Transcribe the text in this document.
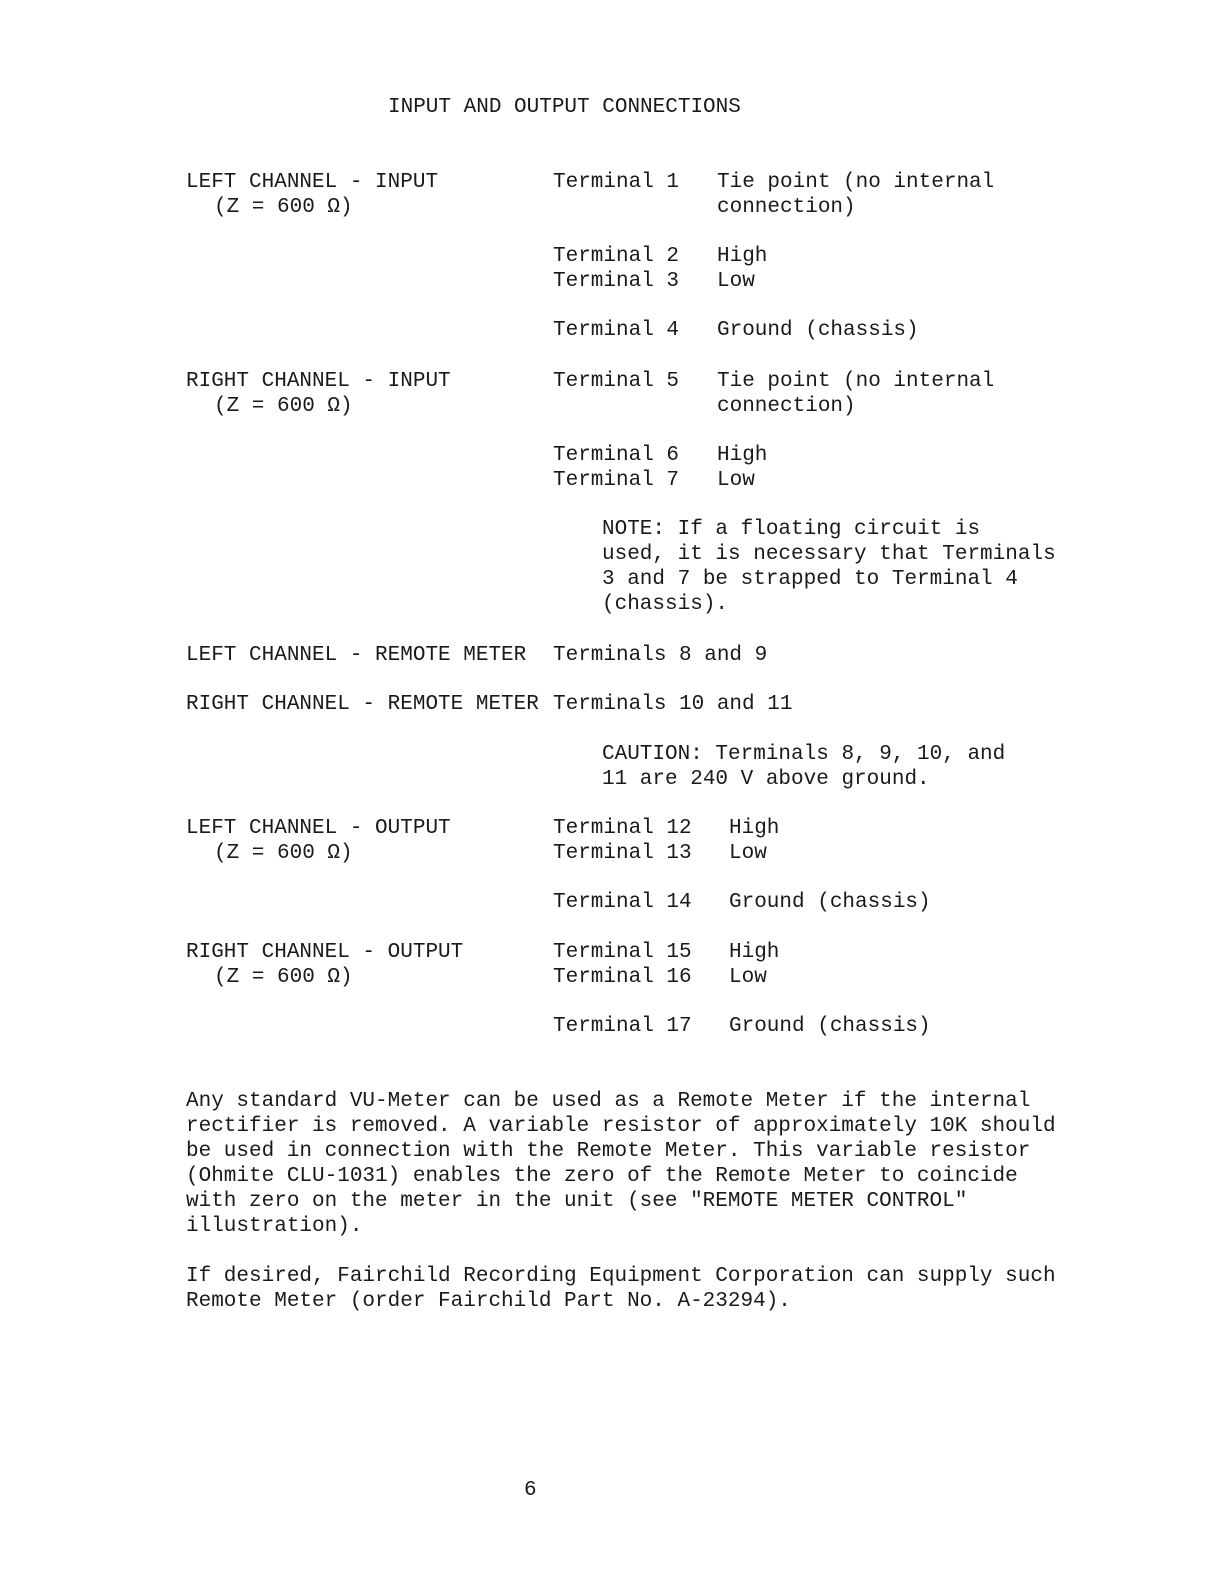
INPUT AND OUTPUT CONNECTIONS
LEFT CHANNEL - INPUT
(Z = 600 Ω)
Terminal 1 Tie point (no internal
connection)
Terminal 2 High
Terminal 3 Low
Terminal 4 Ground (chassis)
RIGHT CHANNEL - INPUT
(Z = 600 Ω)
Terminal 5 Tie point (no internal
connection)
Terminal 6 High
Terminal 7 Low
NOTE: If a floating circuit is
used, it is necessary that Terminals
3 and 7 be strapped to Terminal 4
(chassis).
LEFT CHANNEL - REMOTE METER Terminals 8 and 9
RIGHT CHANNEL - REMOTE METER Terminals 10 and 11
CAUTION: Terminals 8, 9, 10, and
11 are 240 V above ground.
LEFT CHANNEL - OUTPUT
(Z = 600 Ω)
Terminal 12 High
Terminal 13 Low
Terminal 14 Ground (chassis)
RIGHT CHANNEL - OUTPUT
(Z = 600 Ω)
Terminal 15 High
Terminal 16 Low
Terminal 17 Ground (chassis)
Any standard VU-Meter can be used as a Remote Meter if the internal
rectifier is removed. A variable resistor of approximately 10K should
be used in connection with the Remote Meter. This variable resistor
(Ohmite CLU-1031) enables the zero of the Remote Meter to coincide
with zero on the meter in the unit (see "REMOTE METER CONTROL"
illustration).
If desired, Fairchild Recording Equipment Corporation can supply such
Remote Meter (order Fairchild Part No. A-23294).
6
